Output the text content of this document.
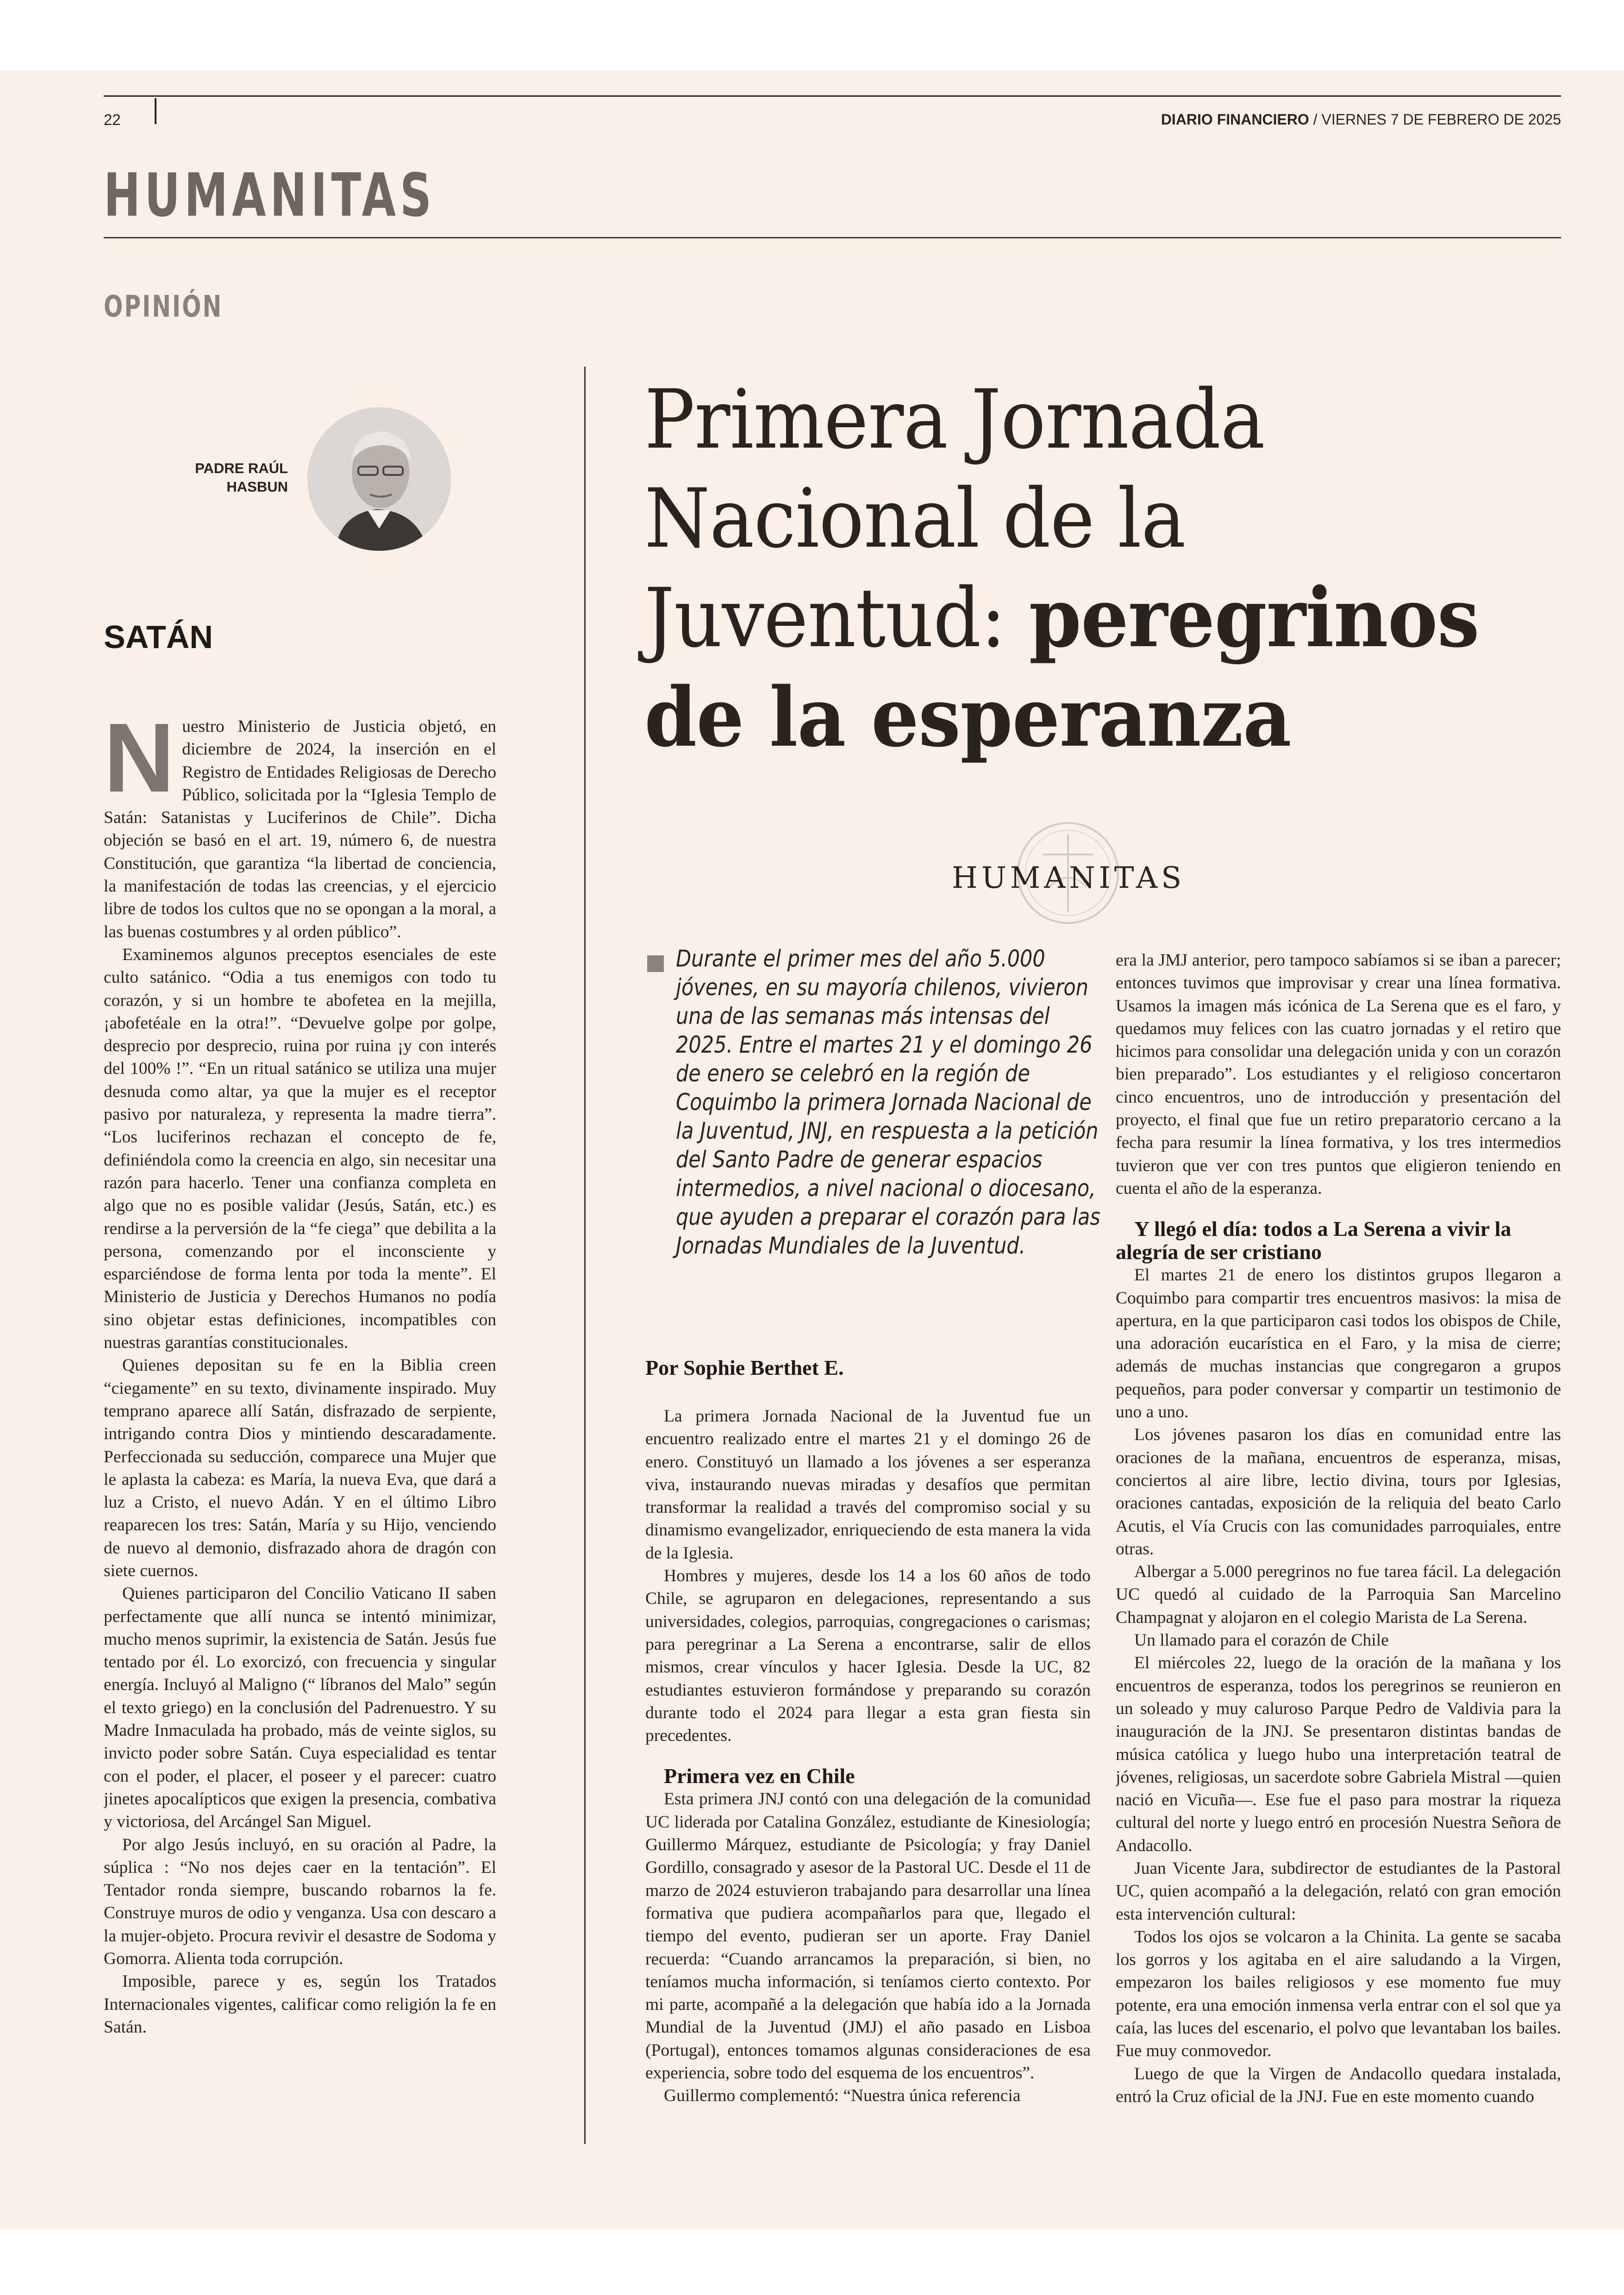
22	DIARIO FINANCIERO / VIERNES 7 DE FEBRERO DE 2025
HUMANITAS
OPINIÓN
PADRE RAÚL
HASBUN
SATÁN

Nuestro Ministerio de Justicia objetó, en diciembre de 2024, la inserción en el Registro de Entidades Religiosas de Derecho Público, solicitada por la “Iglesia Templo de Satán: Satanistas y Luciferinos de Chile”. Dicha objeción se basó en el art. 19, número 6, de nuestra Constitución, que garantiza “la libertad de conciencia, la manifestación de todas las creencias, y el ejercicio libre de todos los cultos que no se opongan a la moral, a las buenas costumbres y al orden público”.

Examinemos algunos preceptos esenciales de este culto satánico. “Odia a tus enemigos con todo tu corazón, y si un hombre te abofetea en la mejilla, ¡abofetéale en la otra!”. “Devuelve golpe por golpe, desprecio por desprecio, ruina por ruina ¡y con interés del 100% !”. “En un ritual satánico se utiliza una mujer desnuda como altar, ya que la mujer es el receptor pasivo por naturaleza, y representa la madre tierra”. “Los luciferinos rechazan el concepto de fe, definiéndola como la creencia en algo, sin necesitar una razón para hacerlo. Tener una confianza completa en algo que no es posible validar (Jesús, Satán, etc.) es rendirse a la perversión de la “fe ciega” que debilita a la persona, comenzando por el inconsciente y esparciéndose de forma lenta por toda la mente”. El Ministerio de Justicia y Derechos Humanos no podía sino objetar estas definiciones, incompatibles con nuestras garantías constitucionales.

Quienes depositan su fe en la Biblia creen “ciegamente” en su texto, divinamente inspirado. Muy temprano aparece allí Satán, disfrazado de serpiente, intrigando contra Dios y mintiendo descaradamente. Perfeccionada su seducción, comparece una Mujer que le aplasta la cabeza: es María, la nueva Eva, que dará a luz a Cristo, el nuevo Adán. Y en el último Libro reaparecen los tres: Satán, María y su Hijo, venciendo de nuevo al demonio, disfrazado ahora de dragón con siete cuernos.

Quienes participaron del Concilio Vaticano II saben perfectamente que allí nunca se intentó minimizar, mucho menos suprimir, la existencia de Satán. Jesús fue tentado por él. Lo exorcizó, con frecuencia y singular energía. Incluyó al Maligno (“ líbranos del Malo” según el texto griego) en la conclusión del Padrenuestro. Y su Madre Inmaculada ha probado, más de veinte siglos, su invicto poder sobre Satán. Cuya especialidad es tentar con el poder, el placer, el poseer y el parecer: cuatro jinetes apocalípticos que exigen la presencia, combativa y victoriosa, del Arcángel San Miguel.

Por algo Jesús incluyó, en su oración al Padre, la súplica : “No nos dejes caer en la tentación”. El Tentador ronda siempre, buscando robarnos la fe. Construye muros de odio y venganza. Usa con descaro a la mujer-objeto. Procura revivir el desastre de Sodoma y Gomorra. Alienta toda corrupción.

Imposible, parece y es, según los Tratados Internacionales vigentes, calificar como religión la fe en Satán.

Primera Jornada Nacional de la Juventud: peregrinos de la esperanza
HUMANITAS
Durante el primer mes del año 5.000 jóvenes, en su mayoría chilenos, vivieron una de las semanas más intensas del 2025. Entre el martes 21 y el domingo 26 de enero se celebró en la región de Coquimbo la primera Jornada Nacional de la Juventud, JNJ, en respuesta a la petición del Santo Padre de generar espacios intermedios, a nivel nacional o diocesano, que ayuden a preparar el corazón para las Jornadas Mundiales de la Juventud.
Por Sophie Berthet E.

La primera Jornada Nacional de la Juventud fue un encuentro realizado entre el martes 21 y el domingo 26 de enero. Constituyó un llamado a los jóvenes a ser esperanza viva, instaurando nuevas miradas y desafíos que permitan transformar la realidad a través del compromiso social y su dinamismo evangelizador, enriqueciendo de esta manera la vida de la Iglesia.

Hombres y mujeres, desde los 14 a los 60 años de todo Chile, se agruparon en delegaciones, representando a sus universidades, colegios, parroquias, congregaciones o carismas; para peregrinar a La Serena a encontrarse, salir de ellos mismos, crear vínculos y hacer Iglesia. Desde la UC, 82 estudiantes estuvieron formándose y preparando su corazón durante todo el 2024 para llegar a esta gran fiesta sin precedentes.

Primera vez en Chile

Esta primera JNJ contó con una delegación de la comunidad UC liderada por Catalina González, estudiante de Kinesiología; Guillermo Márquez, estudiante de Psicología; y fray Daniel Gordillo, consagrado y asesor de la Pastoral UC. Desde el 11 de marzo de 2024 estuvieron trabajando para desarrollar una línea formativa que pudiera acompañarlos para que, llegado el tiempo del evento, pudieran ser un aporte. Fray Daniel recuerda: “Cuando arrancamos la preparación, si bien, no teníamos mucha información, si teníamos cierto contexto. Por mi parte, acompañé a la delegación que había ido a la Jornada Mundial de la Juventud (JMJ) el año pasado en Lisboa (Portugal), entonces tomamos algunas consideraciones de esa experiencia, sobre todo del esquema de los encuentros”.

Guillermo complementó: “Nuestra única referencia

era la JMJ anterior, pero tampoco sabíamos si se iban a parecer; entonces tuvimos que improvisar y crear una línea formativa. Usamos la imagen más icónica de La Serena que es el faro, y quedamos muy felices con las cuatro jornadas y el retiro que hicimos para consolidar una delegación unida y con un corazón bien preparado”. Los estudiantes y el religioso concertaron cinco encuentros, uno de introducción y presentación del proyecto, el final que fue un retiro preparatorio cercano a la fecha para resumir la línea formativa, y los tres intermedios tuvieron que ver con tres puntos que eligieron teniendo en cuenta el año de la esperanza.

Y llegó el día: todos a La Serena a vivir la alegría de ser cristiano

El martes 21 de enero los distintos grupos llegaron a Coquimbo para compartir tres encuentros masivos: la misa de apertura, en la que participaron casi todos los obispos de Chile, una adoración eucarística en el Faro, y la misa de cierre; además de muchas instancias que congregaron a grupos pequeños, para poder conversar y compartir un testimonio de uno a uno.

Los jóvenes pasaron los días en comunidad entre las oraciones de la mañana, encuentros de esperanza, misas, conciertos al aire libre, lectio divina, tours por Iglesias, oraciones cantadas, exposición de la reliquia del beato Carlo Acutis, el Vía Crucis con las comunidades parroquiales, entre otras.

Albergar a 5.000 peregrinos no fue tarea fácil. La delegación UC quedó al cuidado de la Parroquia San Marcelino Champagnat y alojaron en el colegio Marista de La Serena.

Un llamado para el corazón de Chile

El miércoles 22, luego de la oración de la mañana y los encuentros de esperanza, todos los peregrinos se reunieron en un soleado y muy caluroso Parque Pedro de Valdivia para la inauguración de la JNJ. Se presentaron distintas bandas de música católica y luego hubo una interpretación teatral de jóvenes, religiosas, un sacerdote sobre Gabriela Mistral —quien nació en Vicuña—. Ese fue el paso para mostrar la riqueza cultural del norte y luego entró en procesión Nuestra Señora de Andacollo.

Juan Vicente Jara, subdirector de estudiantes de la Pastoral UC, quien acompañó a la delegación, relató con gran emoción esta intervención cultural:

Todos los ojos se volcaron a la Chinita. La gente se sacaba los gorros y los agitaba en el aire saludando a la Virgen, empezaron los bailes religiosos y ese momento fue muy potente, era una emoción inmensa verla entrar con el sol que ya caía, las luces del escenario, el polvo que levantaban los bailes. Fue muy conmovedor.

Luego de que la Virgen de Andacollo quedara instalada, entró la Cruz oficial de la JNJ. Fue en este momento cuando
